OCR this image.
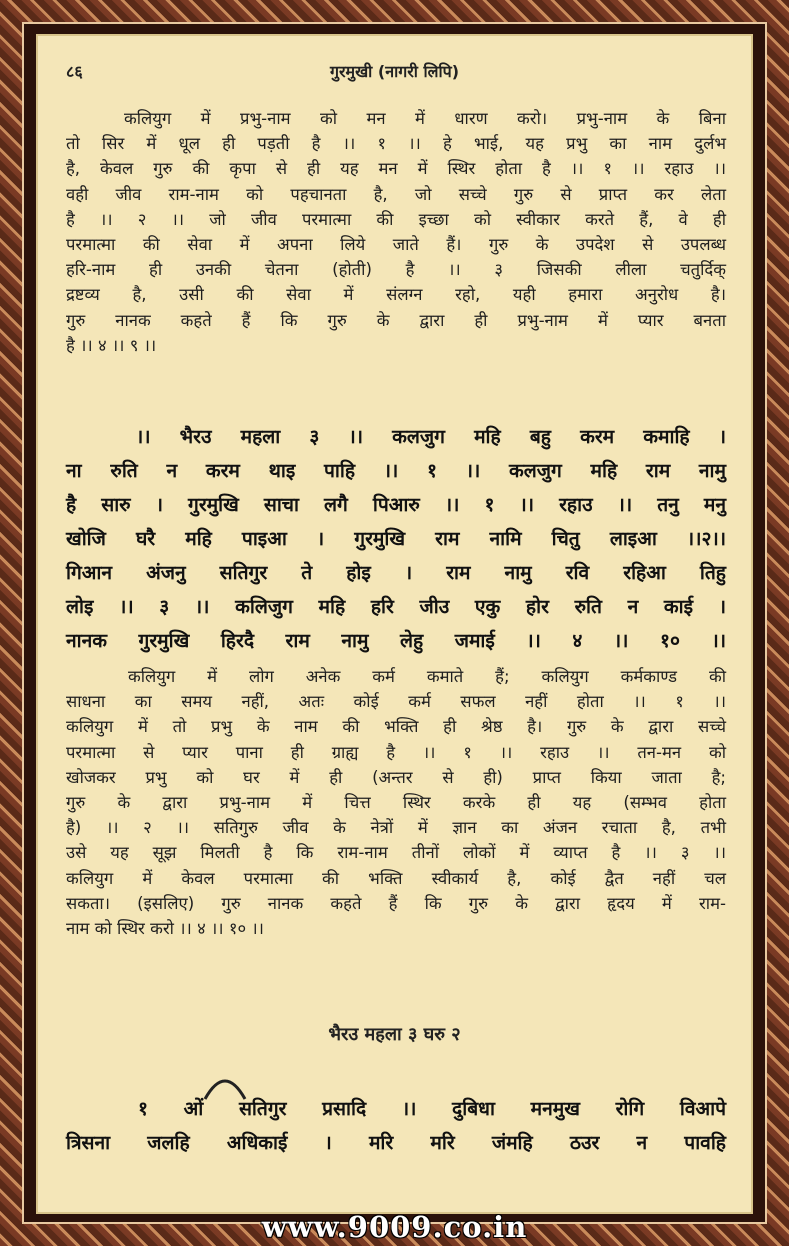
८६	गुरमुखी (नागरी लिपि)
कलियुग में प्रभु-नाम को मन में धारण करो। प्रभु-नाम के बिना
तो सिर में धूल ही पड़ती है ।। १ ।। हे भाई, यह प्रभु का नाम दुर्लभ
है, केवल गुरु की कृपा से ही यह मन में स्थिर होता है ।। १ ।। रहाउ ।।
वही जीव राम-नाम को पहचानता है, जो सच्चे गुरु से प्राप्त कर लेता
है ।। २ ।। जो जीव परमात्मा की इच्छा को स्वीकार करते हैं, वे ही
परमात्मा की सेवा में अपना लिये जाते हैं। गुरु के उपदेश से उपलब्ध
हरि-नाम ही उनकी चेतना (होती) है ।। ३ जिसकी लीला चतुर्दिक्
द्रष्टव्य है, उसी की सेवा में संलग्न रहो, यही हमारा अनुरोध है।
गुरु नानक कहते हैं कि गुरु के द्वारा ही प्रभु-नाम में प्यार बनता
है ।। ४ ।। ९ ।।
।। भैरउ महला ३ ।। कलजुग महि बहु करम कमाहि ।
ना रुति न करम थाइ पाहि ।। १ ।। कलजुग महि राम नामु
है सारु । गुरमुखि साचा लगै पिआरु ।। १ ।। रहाउ ।। तनु मनु
खोजि घरै महि पाइआ । गुरमुखि राम नामि चितु लाइआ ।।२।।
गिआन अंजनु सतिगुर ते होइ । राम नामु रवि रहिआ तिहु
लोइ ।। ३ ।। कलिजुग महि हरि जीउ एकु होर रुति न काई ।
नानक गुरमुखि हिरदै राम नामु लेहु जमाई ।। ४ ।। १० ।।
कलियुग में लोग अनेक कर्म कमाते हैं; कलियुग कर्मकाण्ड की
साधना का समय नहीं, अतः कोई कर्म सफल नहीं होता ।। १ ।।
कलियुग में तो प्रभु के नाम की भक्ति ही श्रेष्ठ है। गुरु के द्वारा सच्चे
परमात्मा से प्यार पाना ही ग्राह्य है ।। १ ।। रहाउ ।। तन-मन को
खोजकर प्रभु को घर में ही (अन्तर से ही) प्राप्त किया जाता है;
गुरु के द्वारा प्रभु-नाम में चित्त स्थिर करके ही यह (सम्भव होता
है) ।। २ ।। सतिगुरु जीव के नेत्रों में ज्ञान का अंजन रचाता है, तभी
उसे यह सूझ मिलती है कि राम-नाम तीनों लोकों में व्याप्त है ।। ३ ।।
कलियुग में केवल परमात्मा की भक्ति स्वीकार्य है, कोई द्वैत नहीं चल
सकता। (इसलिए) गुरु नानक कहते हैं कि गुरु के द्वारा हृदय में राम-
नाम को स्थिर करो ।। ४ ।। १० ।।
भैरउ महला ३ घरु २
१ ओं सतिगुर प्रसादि ।। दुबिधा मनमुख रोगि विआपे
त्रिसना जलहि अधिकाई । मरि मरि जंमहि ठउर न पावहि
www.9009.co.in
